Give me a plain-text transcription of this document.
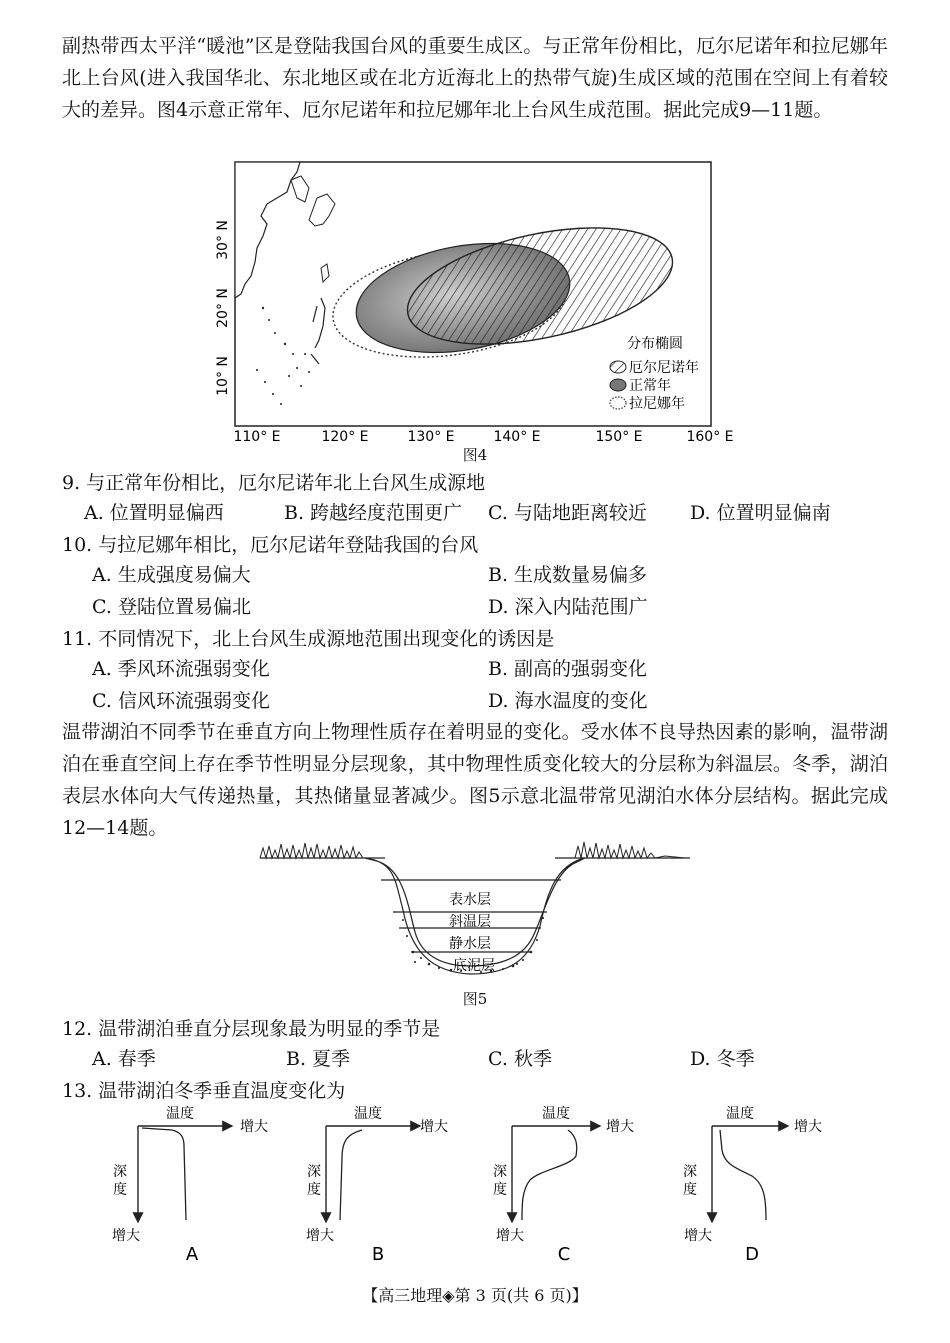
副热带西太平洋“暖池”区是登陆我国台风的重要生成区。与正常年份相比，厄尔尼诺年和拉尼娜年北上台风(进入我国华北、东北地区或在北方近海北上的热带气旋)生成区域的范围在空间上有着较大的差异。图4示意正常年、厄尔尼诺年和拉尼娜年北上台风生成范围。据此完成9—11题。

30° N
20° N
10° N
110° E	120° E	130° E	140° E	150° E	160° E
分布椭圆
厄尔尼诺年
正常年
拉尼娜年
图4
9. 与正常年份相比，厄尔尼诺年北上台风生成源地
A. 位置明显偏西	B. 跨越经度范围更广 C. 与陆地距离较近 D. 位置明显偏南
10. 与拉尼娜年相比，厄尔尼诺年登陆我国的台风
A. 生成强度易偏大	B. 生成数量易偏多
C. 登陆位置易偏北	D. 深入内陆范围广
11. 不同情况下，北上台风生成源地范围出现变化的诱因是
A. 季风环流强弱变化	B. 副高的强弱变化
C. 信风环流强弱变化	D. 海水温度的变化

温带湖泊不同季节在垂直方向上物理性质存在着明显的变化。受水体不良导热因素的影响，温带湖泊在垂直空间上存在季节性明显分层现象，其中物理性质变化较大的分层称为斜温层。冬季，湖泊表层水体向大气传递热量，其热储量显著减少。图5示意北温带常见湖泊水体分层结构。据此完成12—14题。

表水层
斜温层
静水层
底泥层
图5
12. 温带湖泊垂直分层现象最为明显的季节是
A. 春季	B. 夏季	C. 秋季	D. 冬季
13. 温带湖泊冬季垂直温度变化为
温度
增大
深
度
增大
A
温度
增大
深
度
增大
B
温度
增大
深
度
增大
C
温度
增大
深
度
增大
D
【高三地理◈第 3 页(共 6 页)】
